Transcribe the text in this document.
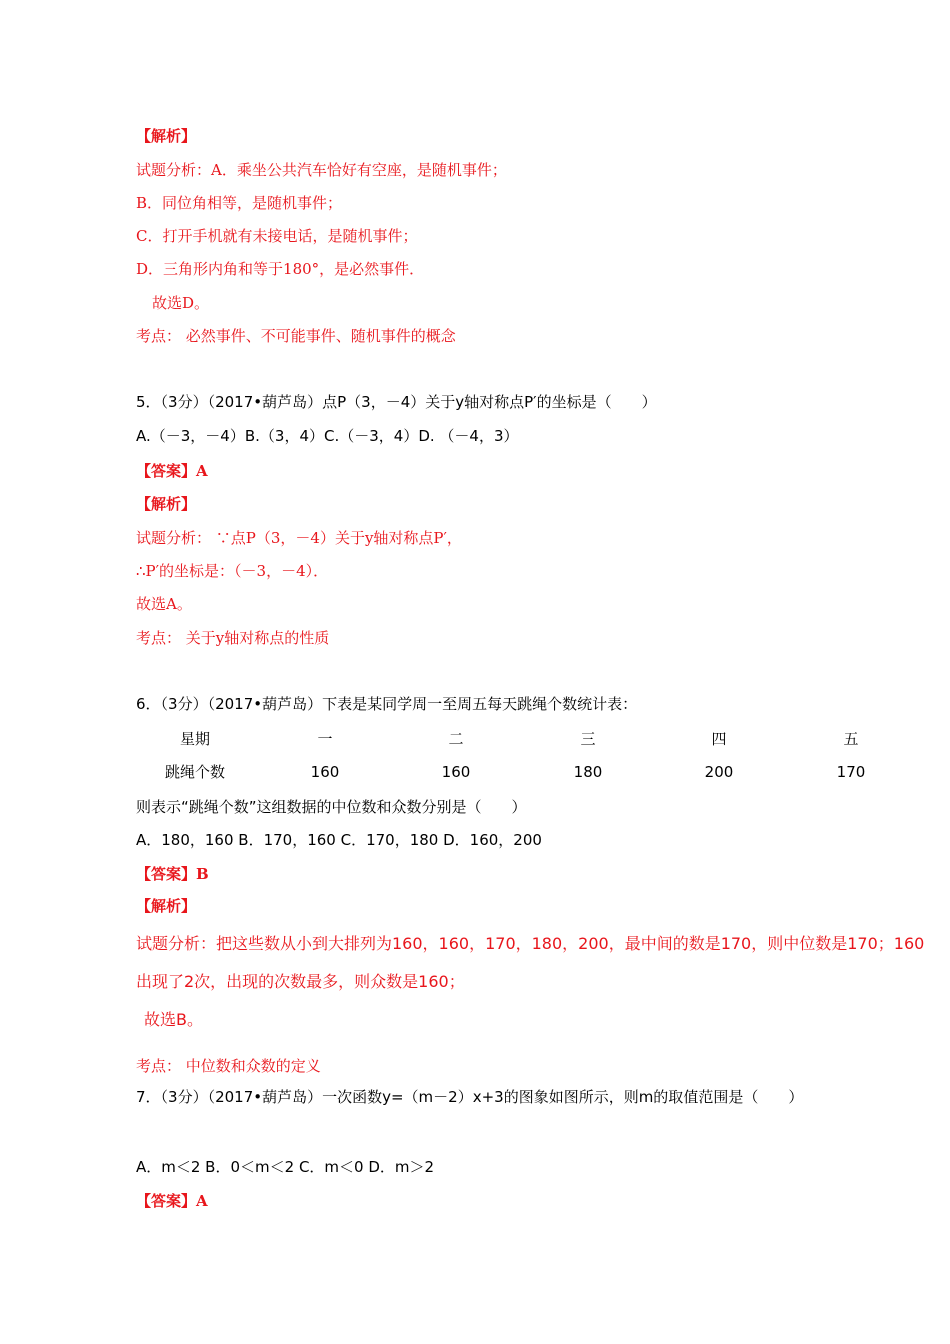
【解析】
试题分析：A．乘坐公共汽车恰好有空座，是随机事件；
B．同位角相等，是随机事件；
C．打开手机就有未接电话，是随机事件；
D．三角形内角和等于180°，是必然事件．
故选D。
考点： 必然事件、不可能事件、随机事件的概念
5．（3分）（2017•葫芦岛）点P（3，－4）关于y轴对称点P′的坐标是（　　）
A.（－3，－4）B.（3，4）C.（－3，4）D. （－4，3）
【答案】A
【解析】
试题分析： ∵点P（3，－4）关于y轴对称点P′，
∴P′的坐标是：（－3，－4）．
故选A。
考点： 关于y轴对称点的性质
6．（3分）（2017•葫芦岛）下表是某同学周一至周五每天跳绳个数统计表：
星期	一	二	三	四	五
跳绳个数	160	160	180	200	170
则表示“跳绳个数”这组数据的中位数和众数分别是（　　）
A．180，160 B．170，160 C．170，180 D．160，200
【答案】B
【解析】
试题分析：把这些数从小到大排列为160，160，170，180，200，最中间的数是170，则中位数是170；160
出现了2次，出现的次数最多，则众数是160；
故选B。
考点： 中位数和众数的定义
7．（3分）（2017•葫芦岛）一次函数y=（m－2）x+3的图象如图所示，则m的取值范围是（　　）
A．m＜2 B．0＜m＜2 C．m＜0 D．m＞2
【答案】A
